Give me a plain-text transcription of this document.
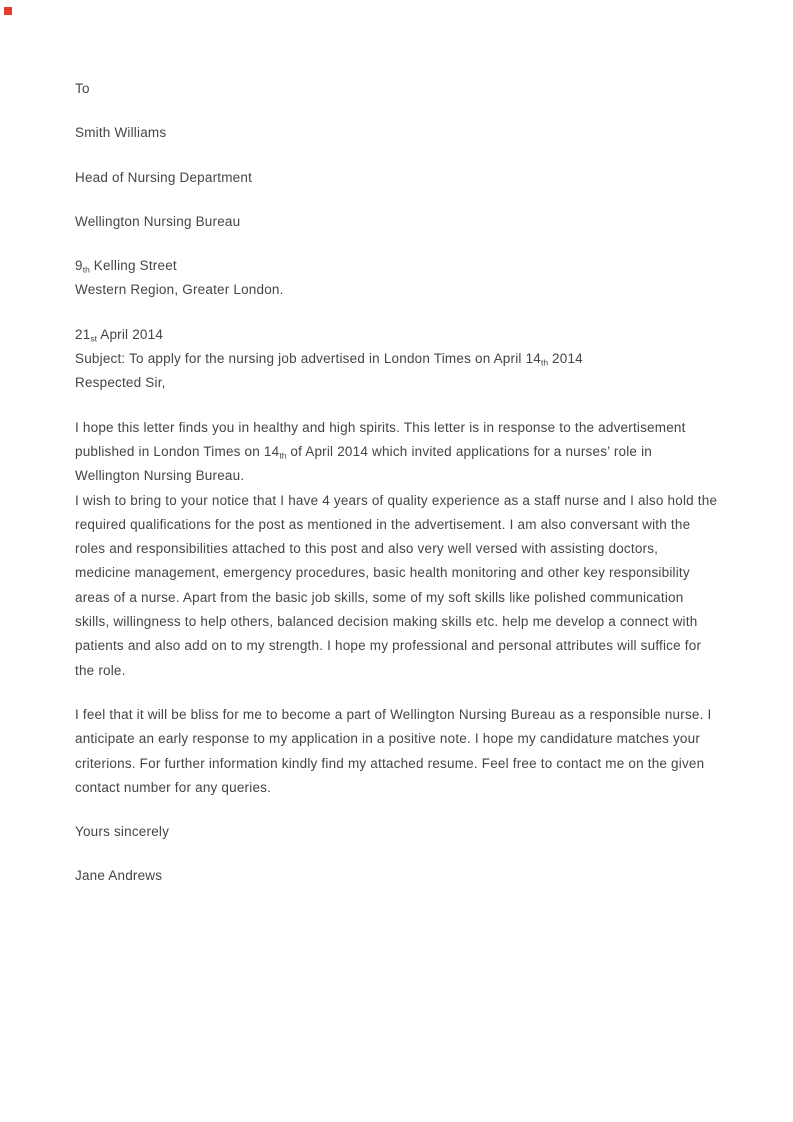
To
Smith Williams
Head of Nursing Department
Wellington Nursing Bureau
$9_{th}$ Kelling Street
Western Region, Greater London.
$21_{st}$ April 2014
Subject: To apply for the nursing job advertised in London Times on April $14_{th}$ 2014
Respected Sir,
I hope this letter finds you in healthy and high spirits. This letter is in response to the advertisement
published in London Times on $14_{th}$ of April 2014 which invited applications for a nurses’ role in
Wellington Nursing Bureau.
I wish to bring to your notice that I have 4 years of quality experience as a staff nurse and I also hold the
required qualifications for the post as mentioned in the advertisement. I am also conversant with the
roles and responsibilities attached to this post and also very well versed with assisting doctors,
medicine management, emergency procedures, basic health monitoring and other key responsibility
areas of a nurse. Apart from the basic job skills, some of my soft skills like polished communication
skills, willingness to help others, balanced decision making skills etc. help me develop a connect with
patients and also add on to my strength. I hope my professional and personal attributes will suffice for
the role.
I feel that it will be bliss for me to become a part of Wellington Nursing Bureau as a responsible nurse. I
anticipate an early response to my application in a positive note. I hope my candidature matches your
criterions. For further information kindly find my attached resume. Feel free to contact me on the given
contact number for any queries.
Yours sincerely
Jane Andrews
